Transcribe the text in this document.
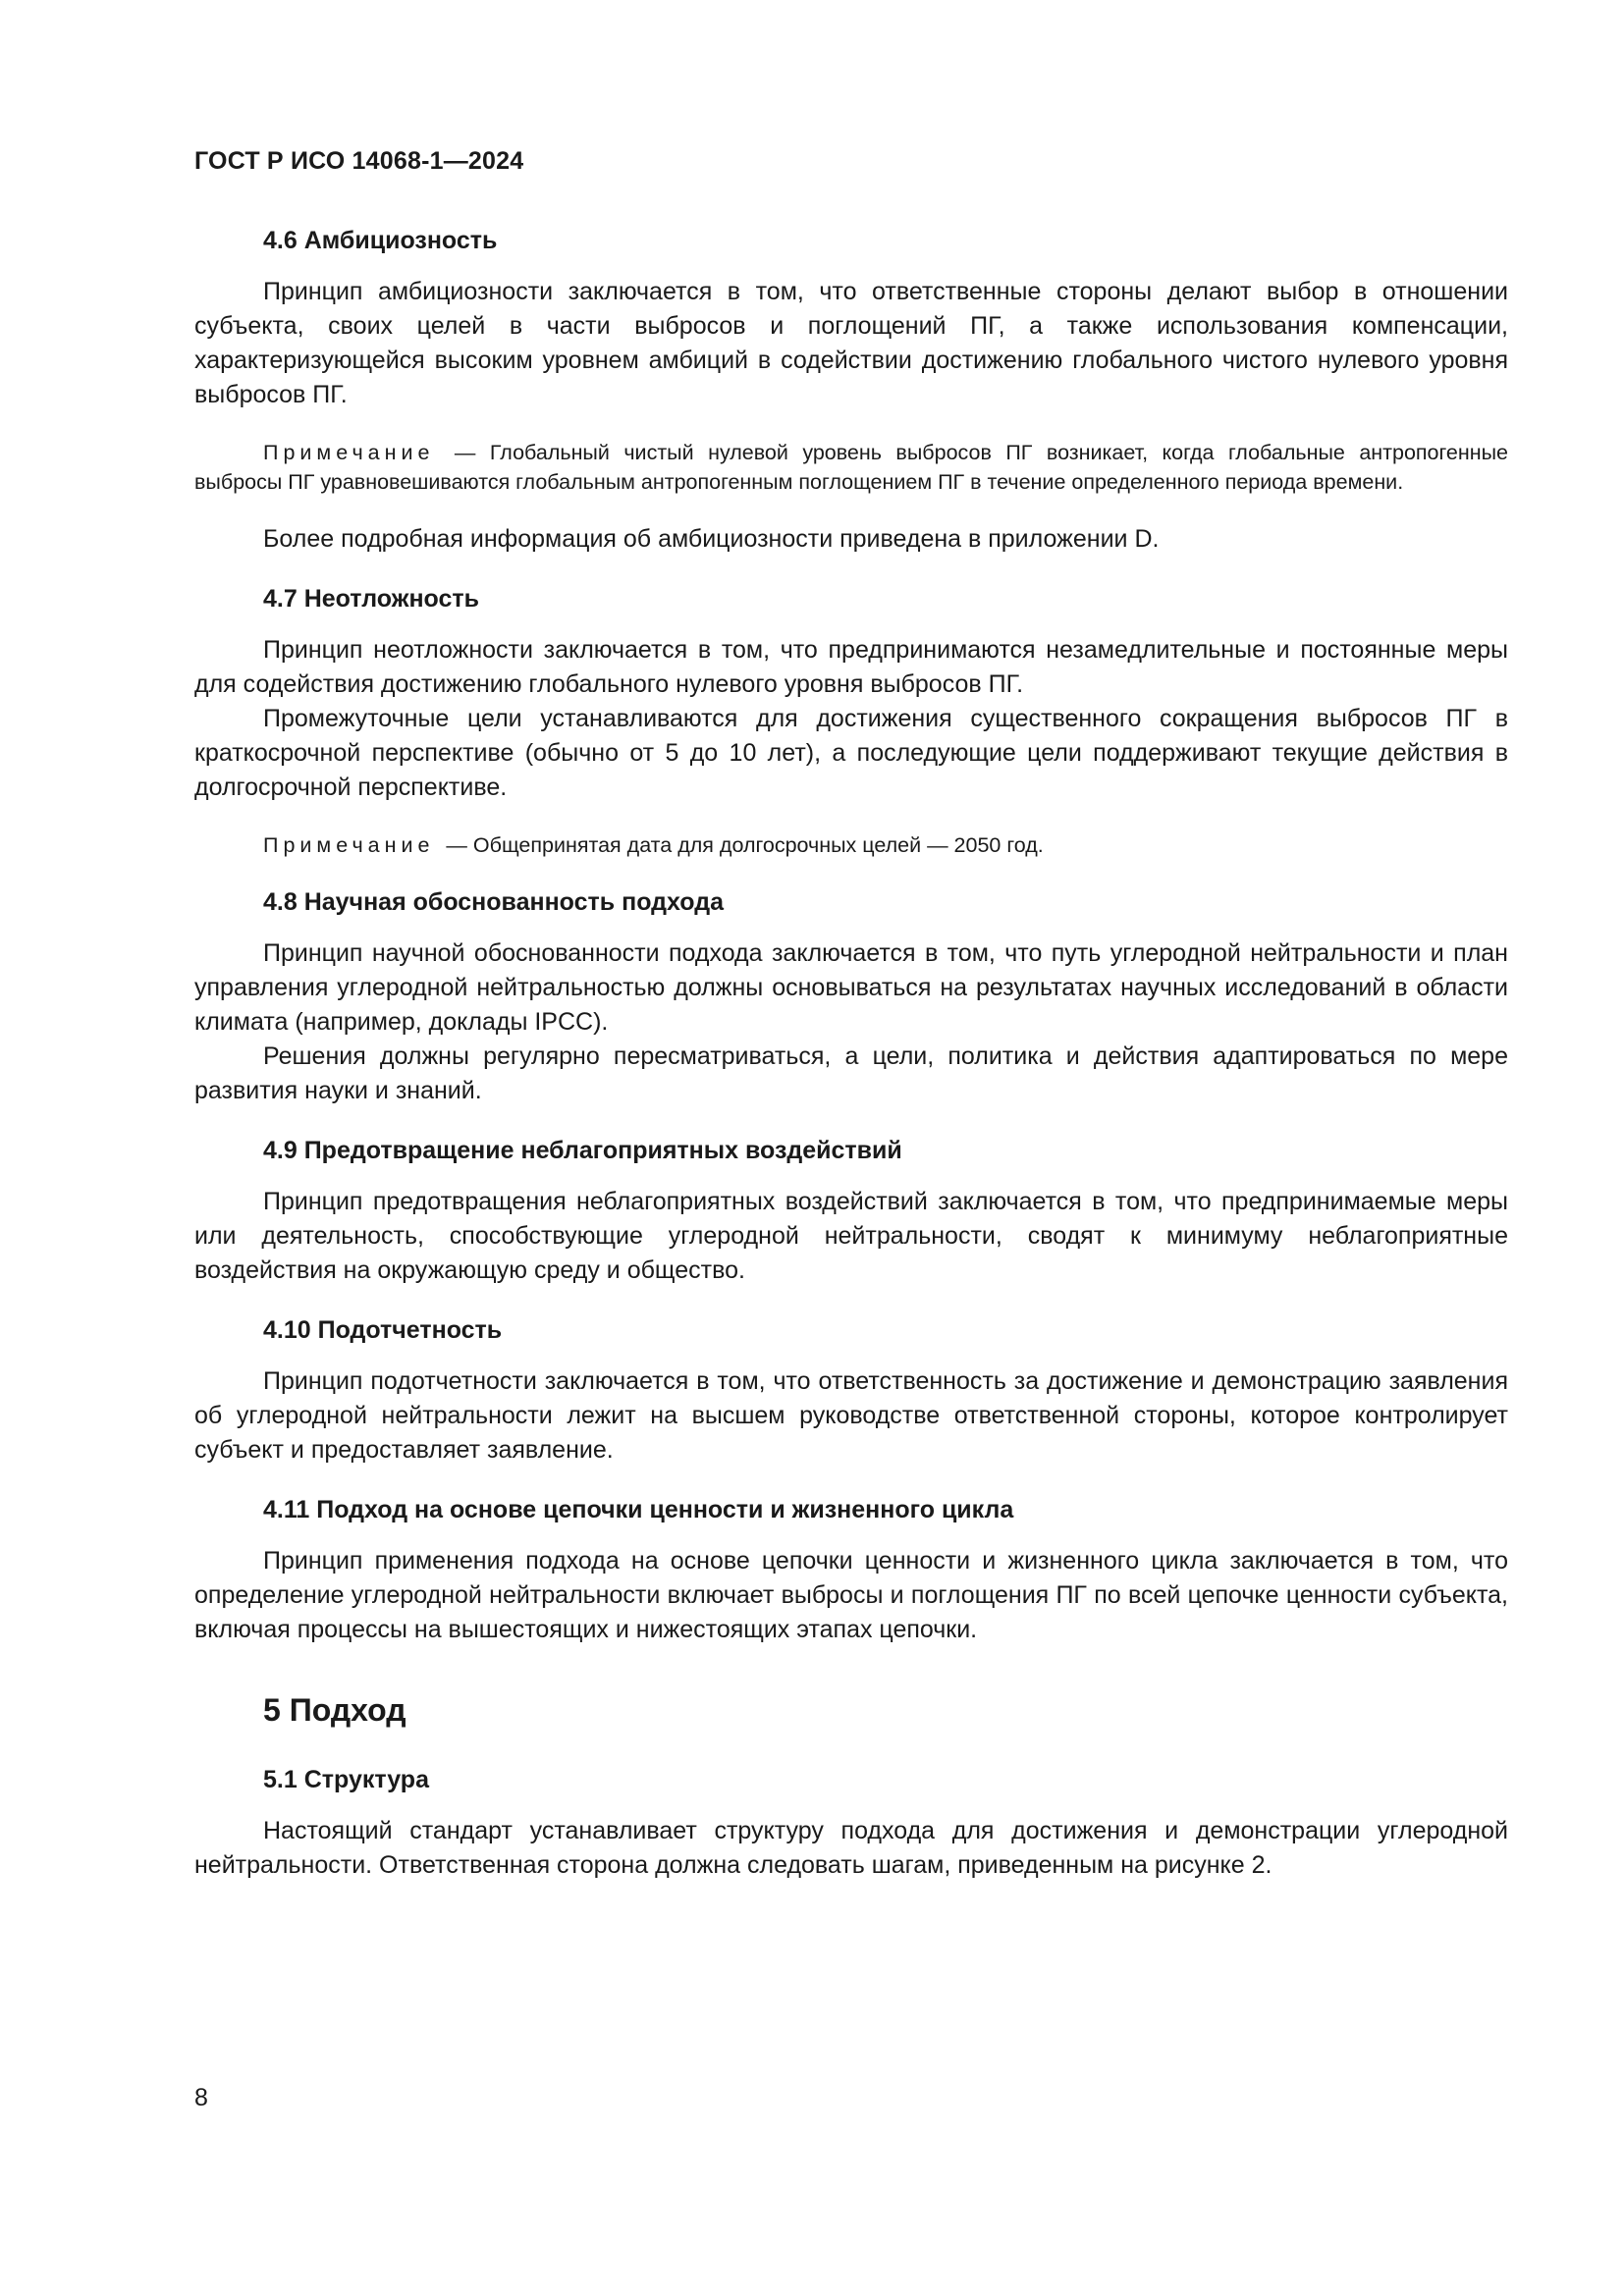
ГОСТ Р ИСО 14068-1—2024
4.6 Амбициозность

Принцип амбициозности заключается в том, что ответственные стороны делают выбор в отношении субъекта, своих целей в части выбросов и поглощений ПГ, а также использования компенсации, характеризующейся высоким уровнем амбиций в содействии достижению глобального чистого нулевого уровня выбросов ПГ.

Примечание — Глобальный чистый нулевой уровень выбросов ПГ возникает, когда глобальные антропогенные выбросы ПГ уравновешиваются глобальным антропогенным поглощением ПГ в течение определенного периода времени.

Более подробная информация об амбициозности приведена в приложении D.

4.7 Неотложность

Принцип неотложности заключается в том, что предпринимаются незамедлительные и постоянные меры для содействия достижению глобального нулевого уровня выбросов ПГ.

Промежуточные цели устанавливаются для достижения существенного сокращения выбросов ПГ в краткосрочной перспективе (обычно от 5 до 10 лет), а последующие цели поддерживают текущие действия в долгосрочной перспективе.

Примечание — Общепринятая дата для долгосрочных целей — 2050 год.

4.8 Научная обоснованность подхода

Принцип научной обоснованности подхода заключается в том, что путь углеродной нейтральности и план управления углеродной нейтральностью должны основываться на результатах научных исследований в области климата (например, доклады IPCC).

Решения должны регулярно пересматриваться, а цели, политика и действия адаптироваться по мере развития науки и знаний.

4.9 Предотвращение неблагоприятных воздействий

Принцип предотвращения неблагоприятных воздействий заключается в том, что предпринимаемые меры или деятельность, способствующие углеродной нейтральности, сводят к минимуму неблагоприятные воздействия на окружающую среду и общество.

4.10 Подотчетность

Принцип подотчетности заключается в том, что ответственность за достижение и демонстрацию заявления об углеродной нейтральности лежит на высшем руководстве ответственной стороны, которое контролирует субъект и предоставляет заявление.

4.11 Подход на основе цепочки ценности и жизненного цикла

Принцип применения подхода на основе цепочки ценности и жизненного цикла заключается в том, что определение углеродной нейтральности включает выбросы и поглощения ПГ по всей цепочке ценности субъекта, включая процессы на вышестоящих и нижестоящих этапах цепочки.

5 Подход
5.1 Структура

Настоящий стандарт устанавливает структуру подхода для достижения и демонстрации углеродной нейтральности. Ответственная сторона должна следовать шагам, приведенным на рисунке 2.

8
